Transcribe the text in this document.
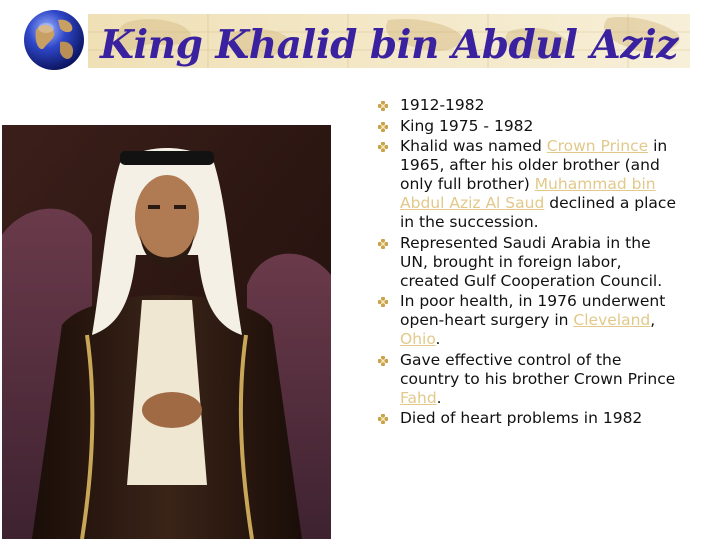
King Khalid bin Abdul Aziz
1912-1982
King 1975 - 1982
Khalid was named Crown Prince in 1965, after his older brother (and only full brother) Muhammad bin Abdul Aziz Al Saud declined a place in the succession.
Represented Saudi Arabia in the UN, brought in foreign labor, created Gulf Cooperation Council.
In poor health, in 1976 underwent open-heart surgery in Cleveland, Ohio.
Gave effective control of the country to his brother Crown Prince Fahd.
Died of heart problems in 1982
